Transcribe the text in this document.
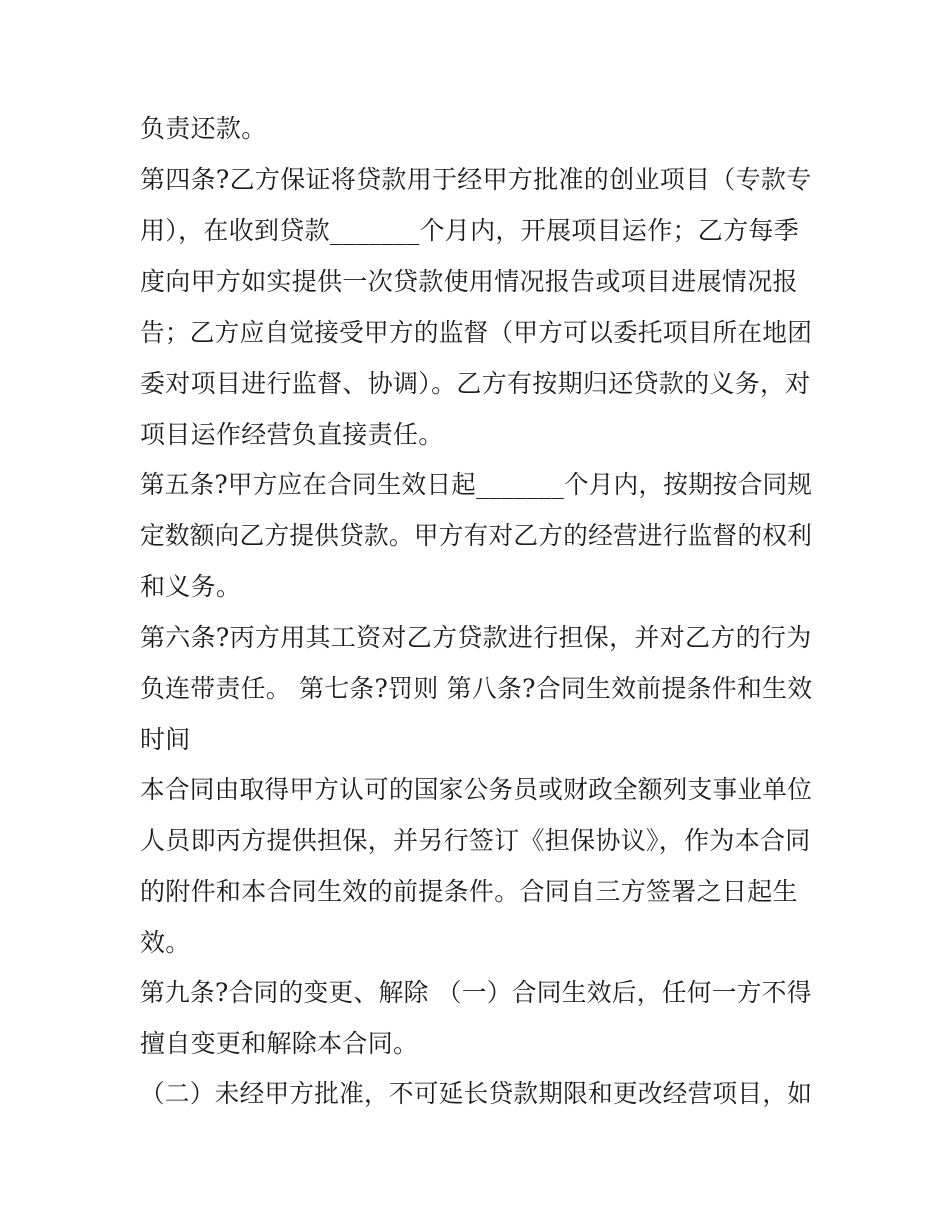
负责还款。
第四条?乙方保证将贷款用于经甲方批准的创业项目（专款专
用），在收到贷款_______个月内，开展项目运作；乙方每季
度向甲方如实提供一次贷款使用情况报告或项目进展情况报
告；乙方应自觉接受甲方的监督（甲方可以委托项目所在地团
委对项目进行监督、协调）。乙方有按期归还贷款的义务，对
项目运作经营负直接责任。
第五条?甲方应在合同生效日起_______个月内，按期按合同规
定数额向乙方提供贷款。甲方有对乙方的经营进行监督的权利
和义务。
第六条?丙方用其工资对乙方贷款进行担保，并对乙方的行为
负连带责任。 第七条?罚则 第八条?合同生效前提条件和生效
时间
本合同由取得甲方认可的国家公务员或财政全额列支事业单位
人员即丙方提供担保，并另行签订《担保协议》，作为本合同
的附件和本合同生效的前提条件。合同自三方签署之日起生
效。
第九条?合同的变更、解除 （一）合同生效后，任何一方不得
擅自变更和解除本合同。
（二）未经甲方批准，不可延长贷款期限和更改经营项目，如
